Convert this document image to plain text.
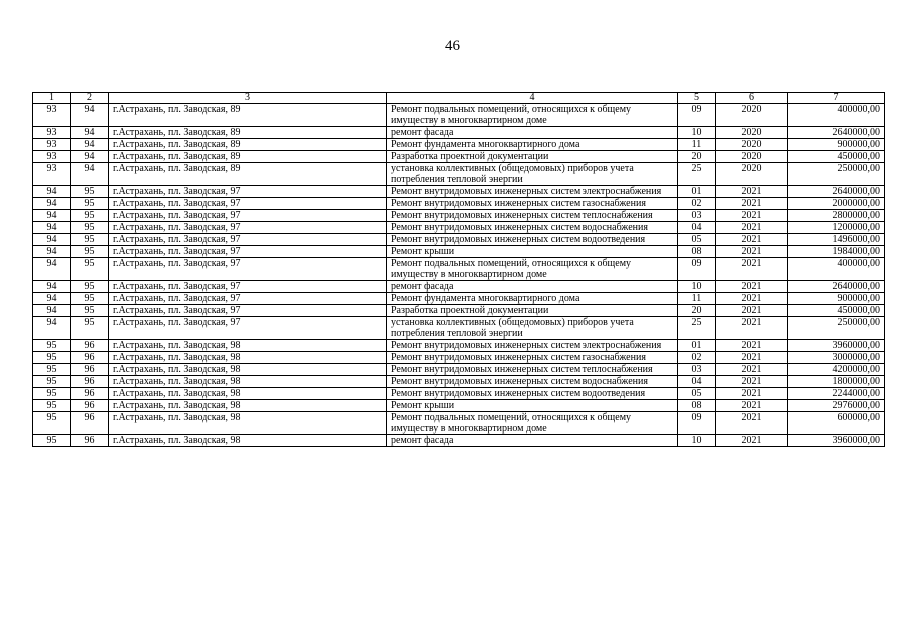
46
1	2	3	4	5	6	7
93	94	г.Астрахань, пл. Заводская, 89	Ремонт подвальных помещений, относящихся к общему имуществу в многоквартирном доме	09	2020	400000,00
93	94	г.Астрахань, пл. Заводская, 89	ремонт фасада	10	2020	2640000,00
93	94	г.Астрахань, пл. Заводская, 89	Ремонт фундамента многоквартирного дома	11	2020	900000,00
93	94	г.Астрахань, пл. Заводская, 89	Разработка проектной документации	20	2020	450000,00
93	94	г.Астрахань, пл. Заводская, 89	установка коллективных (общедомовых) приборов учета потребления тепловой энергии	25	2020	250000,00
94	95	г.Астрахань, пл. Заводская, 97	Ремонт внутридомовых инженерных систем электроснабжения	01	2021	2640000,00
94	95	г.Астрахань, пл. Заводская, 97	Ремонт внутридомовых инженерных систем газоснабжения	02	2021	2000000,00
94	95	г.Астрахань, пл. Заводская, 97	Ремонт внутридомовых инженерных систем теплоснабжения	03	2021	2800000,00
94	95	г.Астрахань, пл. Заводская, 97	Ремонт внутридомовых инженерных систем водоснабжения	04	2021	1200000,00
94	95	г.Астрахань, пл. Заводская, 97	Ремонт внутридомовых инженерных систем водоотведения	05	2021	1496000,00
94	95	г.Астрахань, пл. Заводская, 97	Ремонт крыши	08	2021	1984000,00
94	95	г.Астрахань, пл. Заводская, 97	Ремонт подвальных помещений, относящихся к общему имуществу в многоквартирном доме	09	2021	400000,00
94	95	г.Астрахань, пл. Заводская, 97	ремонт фасада	10	2021	2640000,00
94	95	г.Астрахань, пл. Заводская, 97	Ремонт фундамента многоквартирного дома	11	2021	900000,00
94	95	г.Астрахань, пл. Заводская, 97	Разработка проектной документации	20	2021	450000,00
94	95	г.Астрахань, пл. Заводская, 97	установка коллективных (общедомовых) приборов учета потребления тепловой энергии	25	2021	250000,00
95	96	г.Астрахань, пл. Заводская, 98	Ремонт внутридомовых инженерных систем электроснабжения	01	2021	3960000,00
95	96	г.Астрахань, пл. Заводская, 98	Ремонт внутридомовых инженерных систем газоснабжения	02	2021	3000000,00
95	96	г.Астрахань, пл. Заводская, 98	Ремонт внутридомовых инженерных систем теплоснабжения	03	2021	4200000,00
95	96	г.Астрахань, пл. Заводская, 98	Ремонт внутридомовых инженерных систем водоснабжения	04	2021	1800000,00
95	96	г.Астрахань, пл. Заводская, 98	Ремонт внутридомовых инженерных систем водоотведения	05	2021	2244000,00
95	96	г.Астрахань, пл. Заводская, 98	Ремонт крыши	08	2021	2976000,00
95	96	г.Астрахань, пл. Заводская, 98	Ремонт подвальных помещений, относящихся к общему имуществу в многоквартирном доме	09	2021	600000,00
95	96	г.Астрахань, пл. Заводская, 98	ремонт фасада	10	2021	3960000,00
